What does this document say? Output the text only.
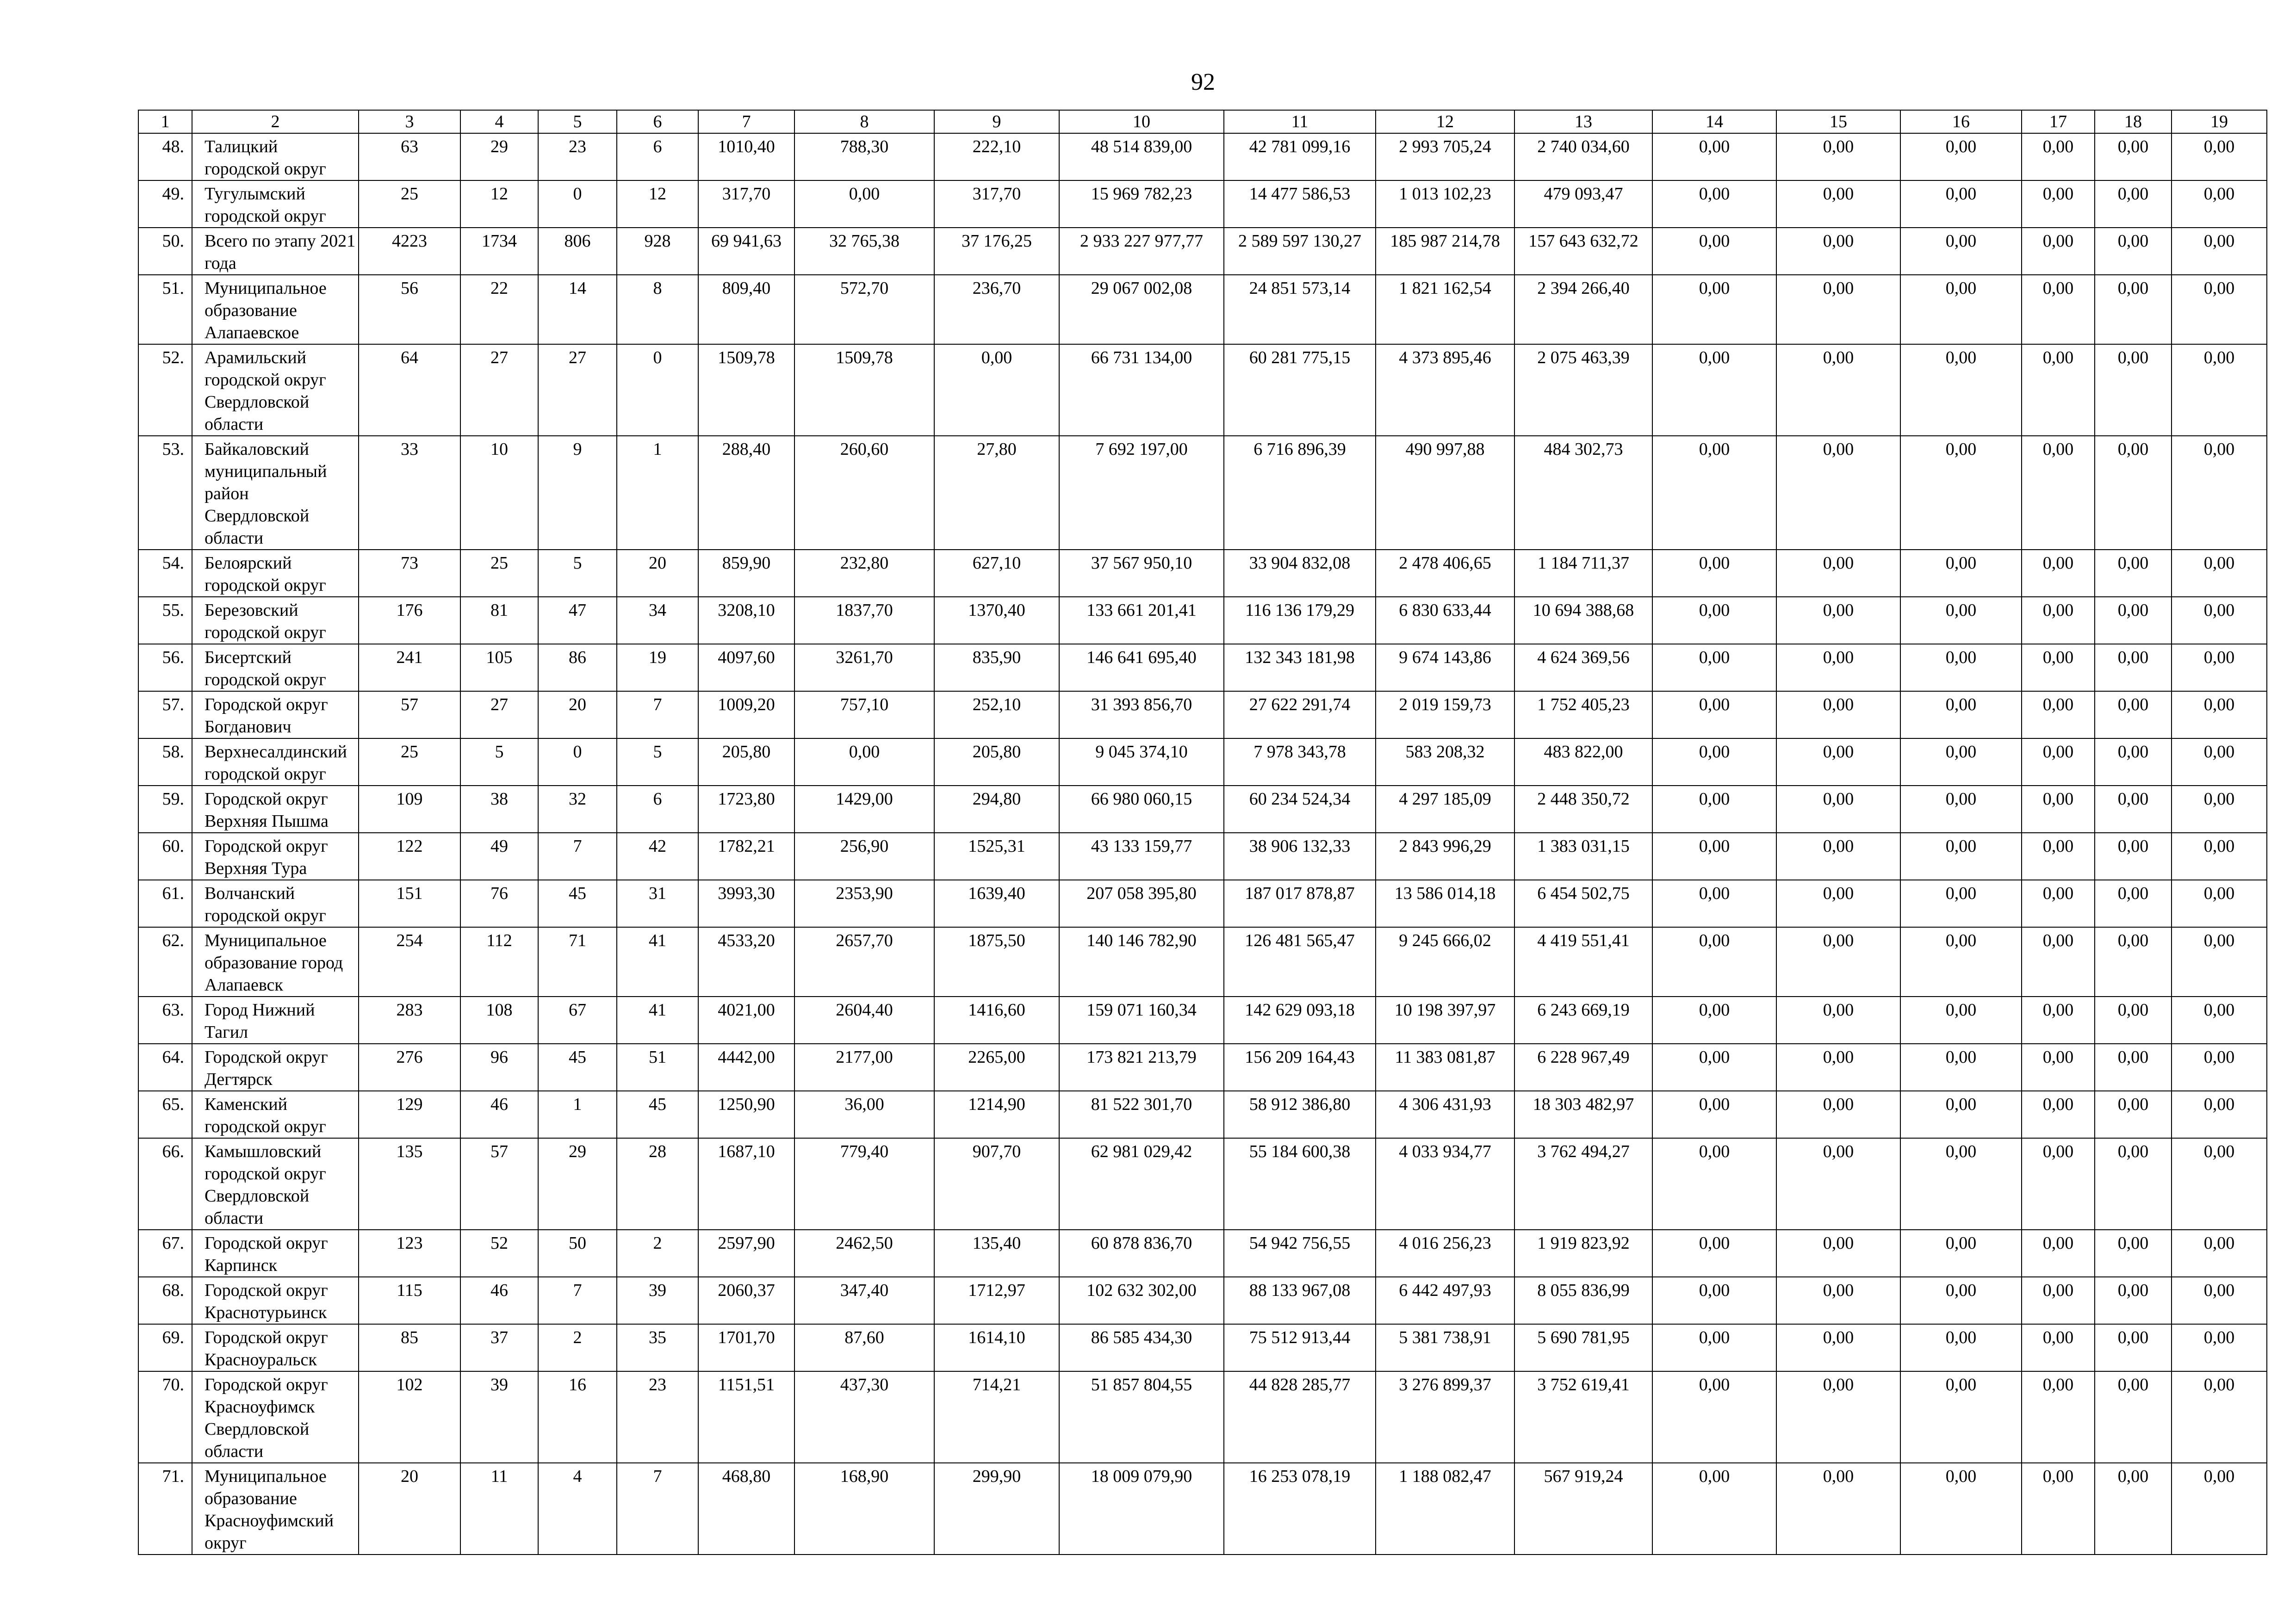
92
1	2	3	4	5	6	7	8	9	10	11	12	13	14	15	16	17	18	19
48.	Талицкий городской округ	63	29	23	6	1010,40	788,30	222,10	48 514 839,00	42 781 099,16	2 993 705,24	2 740 034,60	0,00	0,00	0,00	0,00	0,00	0,00
49.	Тугулымский городской округ	25	12	0	12	317,70	0,00	317,70	15 969 782,23	14 477 586,53	1 013 102,23	479 093,47	0,00	0,00	0,00	0,00	0,00	0,00
50.	Всего по этапу 2021 года	4223	1734	806	928	69 941,63	32 765,38	37 176,25	2 933 227 977,77	2 589 597 130,27	185 987 214,78	157 643 632,72	0,00	0,00	0,00	0,00	0,00	0,00
51.	Муниципальное образование Алапаевское	56	22	14	8	809,40	572,70	236,70	29 067 002,08	24 851 573,14	1 821 162,54	2 394 266,40	0,00	0,00	0,00	0,00	0,00	0,00
52.	Арамильский городской округ Свердловской области	64	27	27	0	1509,78	1509,78	0,00	66 731 134,00	60 281 775,15	4 373 895,46	2 075 463,39	0,00	0,00	0,00	0,00	0,00	0,00
53.	Байкаловский муниципальный район Свердловской области	33	10	9	1	288,40	260,60	27,80	7 692 197,00	6 716 896,39	490 997,88	484 302,73	0,00	0,00	0,00	0,00	0,00	0,00
54.	Белоярский городской округ	73	25	5	20	859,90	232,80	627,10	37 567 950,10	33 904 832,08	2 478 406,65	1 184 711,37	0,00	0,00	0,00	0,00	0,00	0,00
55.	Березовский городской округ	176	81	47	34	3208,10	1837,70	1370,40	133 661 201,41	116 136 179,29	6 830 633,44	10 694 388,68	0,00	0,00	0,00	0,00	0,00	0,00
56.	Бисертский городской округ	241	105	86	19	4097,60	3261,70	835,90	146 641 695,40	132 343 181,98	9 674 143,86	4 624 369,56	0,00	0,00	0,00	0,00	0,00	0,00
57.	Городской округ Богданович	57	27	20	7	1009,20	757,10	252,10	31 393 856,70	27 622 291,74	2 019 159,73	1 752 405,23	0,00	0,00	0,00	0,00	0,00	0,00
58.	Верхнесалдинский городской округ	25	5	0	5	205,80	0,00	205,80	9 045 374,10	7 978 343,78	583 208,32	483 822,00	0,00	0,00	0,00	0,00	0,00	0,00
59.	Городской округ Верхняя Пышма	109	38	32	6	1723,80	1429,00	294,80	66 980 060,15	60 234 524,34	4 297 185,09	2 448 350,72	0,00	0,00	0,00	0,00	0,00	0,00
60.	Городской округ Верхняя Тура	122	49	7	42	1782,21	256,90	1525,31	43 133 159,77	38 906 132,33	2 843 996,29	1 383 031,15	0,00	0,00	0,00	0,00	0,00	0,00
61.	Волчанский городской округ	151	76	45	31	3993,30	2353,90	1639,40	207 058 395,80	187 017 878,87	13 586 014,18	6 454 502,75	0,00	0,00	0,00	0,00	0,00	0,00
62.	Муниципальное образование город Алапаевск	254	112	71	41	4533,20	2657,70	1875,50	140 146 782,90	126 481 565,47	9 245 666,02	4 419 551,41	0,00	0,00	0,00	0,00	0,00	0,00
63.	Город Нижний Тагил	283	108	67	41	4021,00	2604,40	1416,60	159 071 160,34	142 629 093,18	10 198 397,97	6 243 669,19	0,00	0,00	0,00	0,00	0,00	0,00
64.	Городской округ Дегтярск	276	96	45	51	4442,00	2177,00	2265,00	173 821 213,79	156 209 164,43	11 383 081,87	6 228 967,49	0,00	0,00	0,00	0,00	0,00	0,00
65.	Каменский городской округ	129	46	1	45	1250,90	36,00	1214,90	81 522 301,70	58 912 386,80	4 306 431,93	18 303 482,97	0,00	0,00	0,00	0,00	0,00	0,00
66.	Камышловский городской округ Свердловской области	135	57	29	28	1687,10	779,40	907,70	62 981 029,42	55 184 600,38	4 033 934,77	3 762 494,27	0,00	0,00	0,00	0,00	0,00	0,00
67.	Городской округ Карпинск	123	52	50	2	2597,90	2462,50	135,40	60 878 836,70	54 942 756,55	4 016 256,23	1 919 823,92	0,00	0,00	0,00	0,00	0,00	0,00
68.	Городской округ Краснотурьинск	115	46	7	39	2060,37	347,40	1712,97	102 632 302,00	88 133 967,08	6 442 497,93	8 055 836,99	0,00	0,00	0,00	0,00	0,00	0,00
69.	Городской округ Красноуральск	85	37	2	35	1701,70	87,60	1614,10	86 585 434,30	75 512 913,44	5 381 738,91	5 690 781,95	0,00	0,00	0,00	0,00	0,00	0,00
70.	Городской округ Красноуфимск Свердловской области	102	39	16	23	1151,51	437,30	714,21	51 857 804,55	44 828 285,77	3 276 899,37	3 752 619,41	0,00	0,00	0,00	0,00	0,00	0,00
71.	Муниципальное образование Красноуфимский округ	20	11	4	7	468,80	168,90	299,90	18 009 079,90	16 253 078,19	1 188 082,47	567 919,24	0,00	0,00	0,00	0,00	0,00	0,00
